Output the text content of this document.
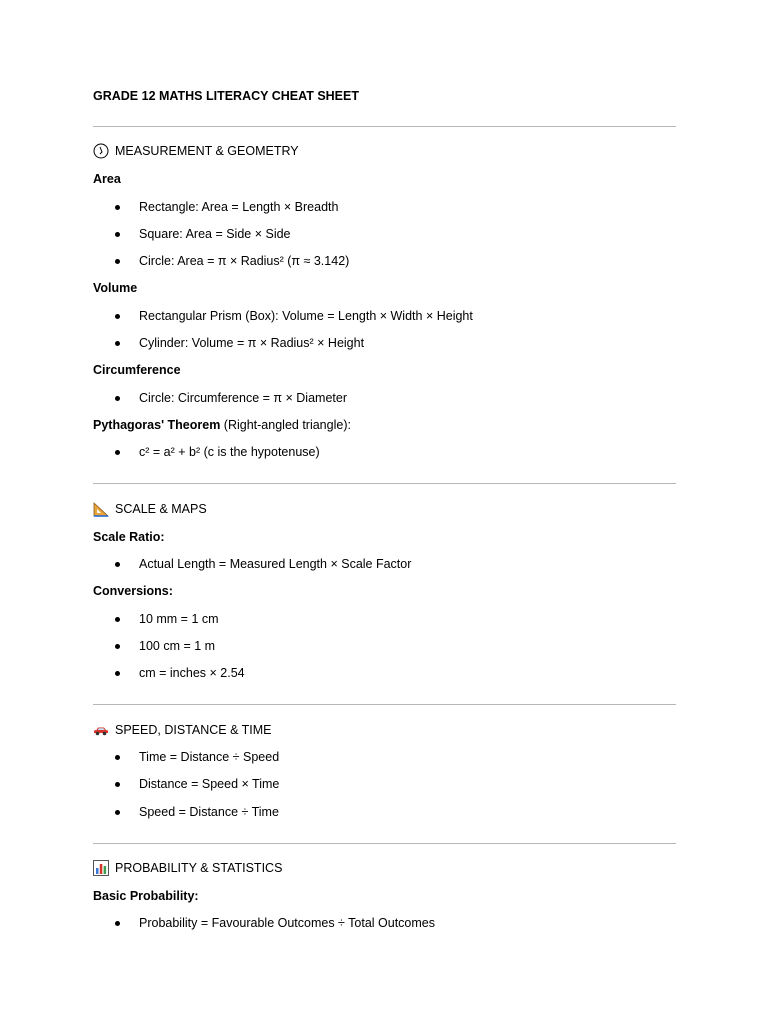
GRADE 12 MATHS LITERACY CHEAT SHEET
MEASUREMENT & GEOMETRY
Area
Rectangle: Area = Length × Breadth
Square: Area = Side × Side
Circle: Area = π × Radius² (π ≈ 3.142)
Volume
Rectangular Prism (Box): Volume = Length × Width × Height
Cylinder: Volume = π × Radius² × Height
Circumference
Circle: Circumference = π × Diameter
Pythagoras' Theorem (Right-angled triangle):
c² = a² + b² (c is the hypotenuse)
SCALE & MAPS
Scale Ratio:
Actual Length = Measured Length × Scale Factor
Conversions:
10 mm = 1 cm
100 cm = 1 m
cm = inches × 2.54
SPEED, DISTANCE & TIME
Time = Distance ÷ Speed
Distance = Speed × Time
Speed = Distance ÷ Time
PROBABILITY & STATISTICS
Basic Probability:
Probability = Favourable Outcomes ÷ Total Outcomes
